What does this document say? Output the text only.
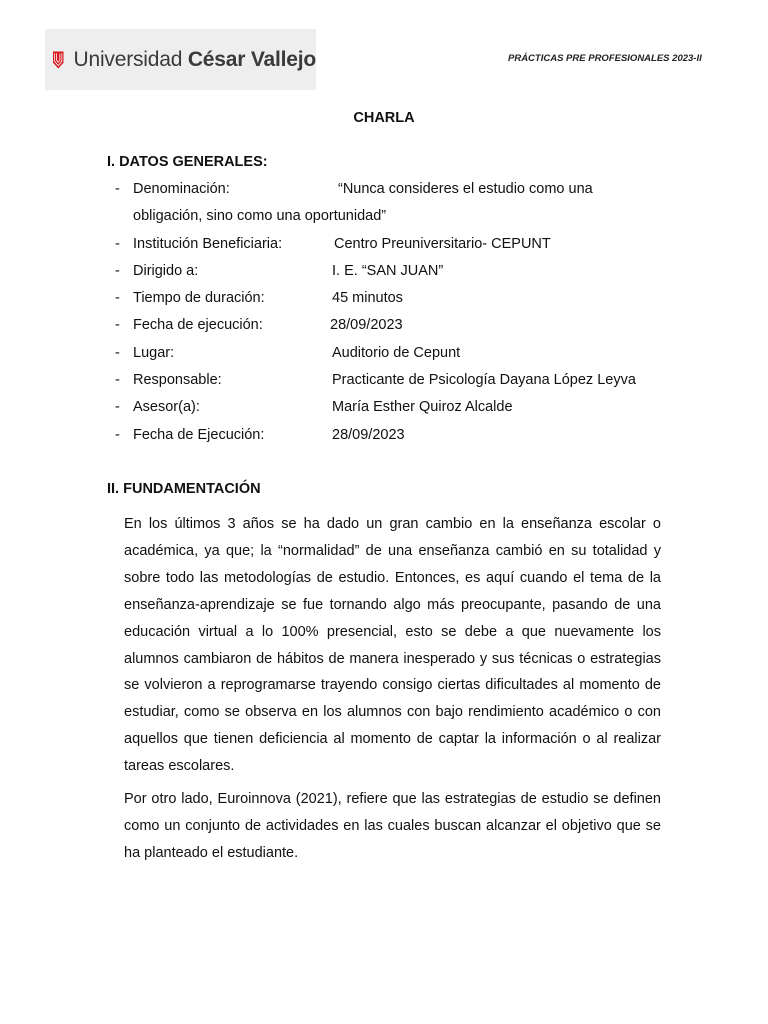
Universidad César Vallejo	PRÁCTICAS PRE PROFESIONALES 2023-II
CHARLA
I. DATOS GENERALES:
- Denominación:	“Nunca consideres el estudio como una
obligación, sino como una oportunidad”
- Institución Beneficiaria:	Centro Preuniversitario- CEPUNT
- Dirigido a:	I. E. “SAN JUAN”
- Tiempo de duración:	45 minutos
- Fecha de ejecución:	28/09/2023
- Lugar:	Auditorio de Cepunt
- Responsable:	Practicante de Psicología Dayana López Leyva
- Asesor(a):	María Esther Quiroz Alcalde
- Fecha de Ejecución:	28/09/2023
II. FUNDAMENTACIÓN

En los últimos 3 años se ha dado un gran cambio en la enseñanza escolar o académica, ya que; la “normalidad” de una enseñanza cambió en su totalidad y sobre todo las metodologías de estudio. Entonces, es aquí cuando el tema de la enseñanza-aprendizaje se fue tornando algo más preocupante, pasando de una educación virtual a lo 100% presencial, esto se debe a que nuevamente los alumnos cambiaron de hábitos de manera inesperado y sus técnicas o estrategias se volvieron a reprogramarse trayendo consigo ciertas dificultades al momento de estudiar, como se observa en los alumnos con bajo rendimiento académico o con aquellos que tienen deficiencia al momento de captar la información o al realizar tareas escolares.

Por otro lado, Euroinnova (2021), refiere que las estrategias de estudio se definen como un conjunto de actividades en las cuales buscan alcanzar el objetivo que se ha planteado el estudiante.
